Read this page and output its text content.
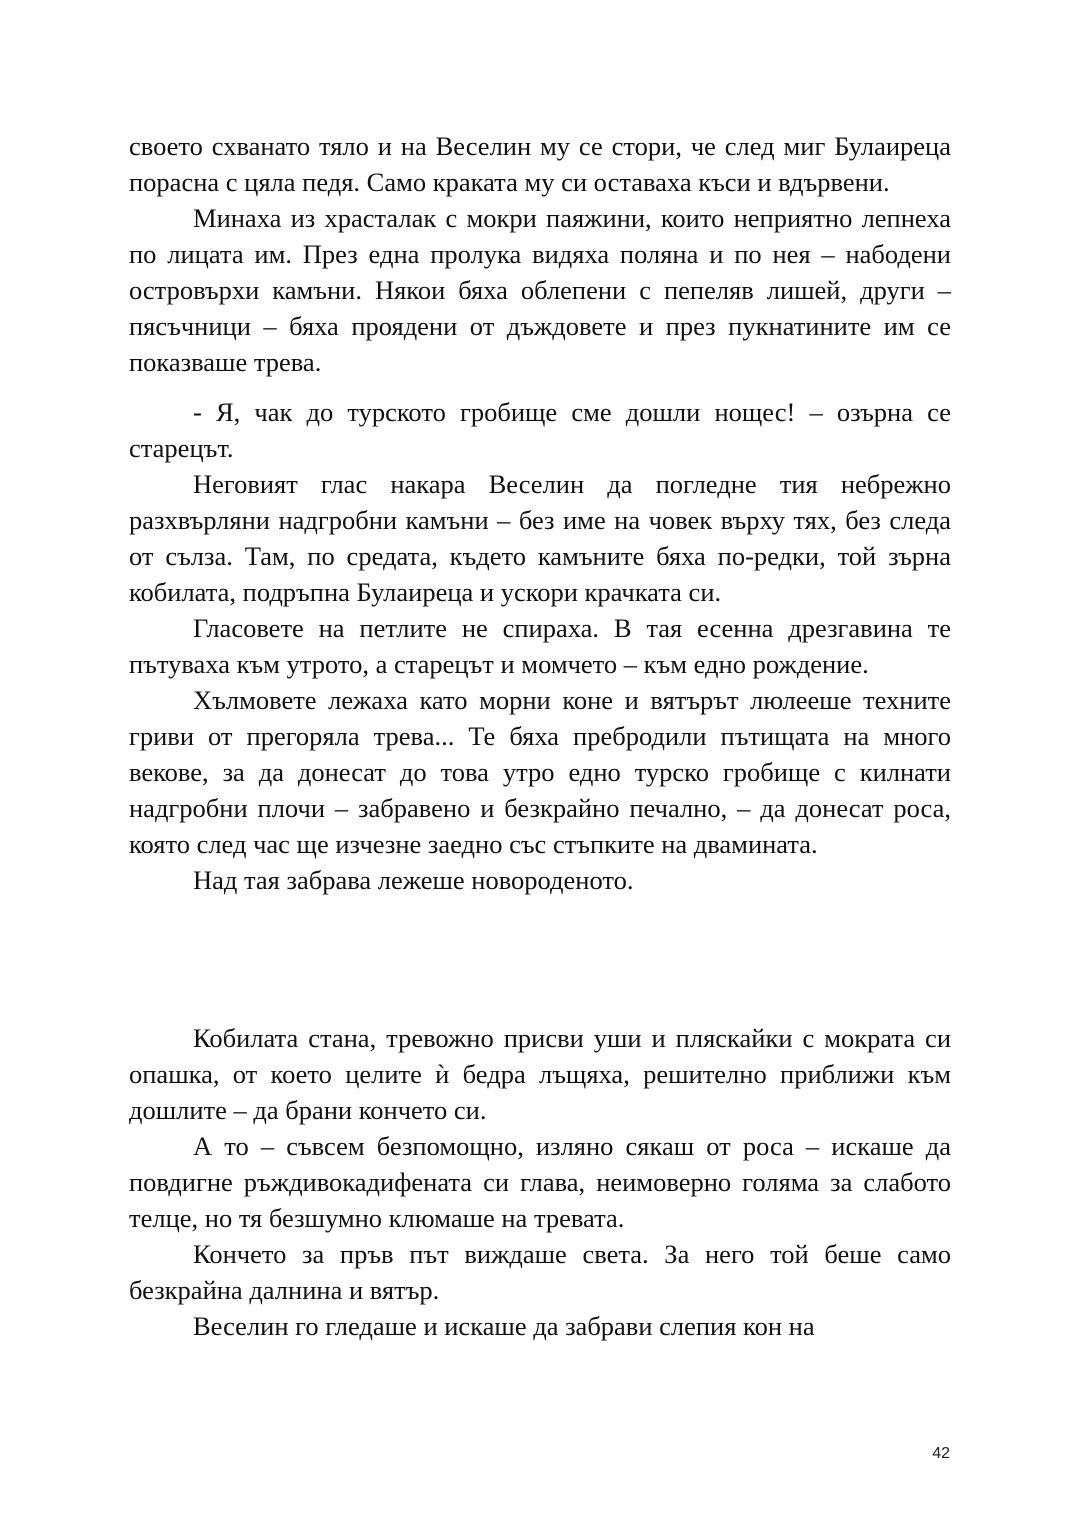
своето схванато тяло и на Веселин му се стори, че след миг Булаиреца порасна с цяла педя. Само краката му си оставаха къси и вдървени.

Минаха из храсталак с мокри паяжини, които неприятно лепнеха по лицата им. През една пролука видяха поляна и по нея – набодени островърхи камъни. Някои бяха облепени с пепеляв лишей, други – пясъчници – бяха проядени от дъждовете и през пукнатините им се показваше трева.

- Я, чак до турското гробище сме дошли нощес! – озърна се старецът.

Неговият глас накара Веселин да погледне тия небрежно разхвърляни надгробни камъни – без име на човек върху тях, без следа от сълза. Там, по средата, където камъните бяха по-редки, той зърна кобилата, подръпна Булаиреца и ускори крачката си.

Гласовете на петлите не спираха. В тая есенна дрезгавина те пътуваха към утрото, а старецът и момчето – към едно рождение.

Хълмовете лежаха като морни коне и вятърът люлееше техните гриви от прегоряла трева... Те бяха пребродили пътищата на много векове, за да донесат до това утро едно турско гробище с килнати надгробни плочи – забравено и безкрайно печално, – да донесат роса, която след час ще изчезне заедно със стъпките на двамината.

Над тая забрава лежеше новороденото.

Кобилата стана, тревожно присви уши и пляскайки с мократа си опашка, от което целите ѝ бедра лъщяха, решително приближи към дошлите – да брани кончето си.

А то – съвсем безпомощно, изляно сякаш от роса – искаше да повдигне ръждивокадифената си глава, неимоверно голяма за слабото телце, но тя безшумно клюмаше на тревата.

Кончето за пръв път виждаше света. За него той беше само безкрайна далнина и вятър.

Веселин го гледаше и искаше да забрави слепия кон на

42
